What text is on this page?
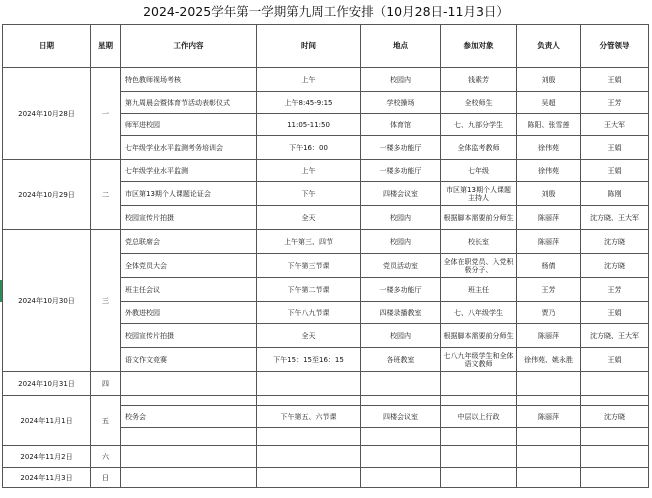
2024-2025学年第一学期第九周工作安排（10月28日-11月3日）
日期	星期	工作内容	时间	地点	参加对象	负责人	分管领导
2024年10月28日	一	特色教师视场考核	上午	校园内	钱素芳	刘殷	王娟
		第九周晨会暨体育节活动表彰仪式	上午8:45-9:15	学校操场	全校师生	吴超	王芳
		师军进校园	11:05-11:50	体育馆	七、九部分学生	陈阳、张雪莲	王大军
		七年级学业水平监测考务培训会	下午16：00	一楼多功能厅	全体监考教师	徐伟苑	王娟
2024年10月29日	二	七年级学业水平监测	上午	一楼多功能厅	七年级	徐伟苑	王娟
		市区第13期个人课题论证会	下午	四楼会议室	市区第13期个人课题主持人	刘殷	陈刚
		校园宣传片拍摄	全天	校园内	根据脚本需要前分师生	陈丽萍	沈方晓、王大军
2024年10月30日	三	党总联席会	上午第三、四节	校园内	校长室	陈丽萍	沈方晓
		全体党员大会	下午第三节课	党员活动室	全体在职党员、入党积极分子、	杨倩	沈方晓
		班主任会议	下午第二节课	一楼多功能厅	班主任	王芳	王芳
		外教进校园	下午八九节课	四楼录播教室	七、八年级学生	贾乃	王娟
		校园宣传片拍摄	全天	校园内	根据脚本需要前分师生	陈丽萍	沈方晓、王大军
		语文作文竞赛	下午15：15至16：15	各班教室	七八九年级学生和全体语文教师	徐伟苑、姚永胜	王娟
2024年10月31日	四						
2024年11月1日	五						
		校务会	下午第五、六节课	四楼会议室	中层以上行政	陈丽萍	沈方晓

2024年11月2日	六						
2024年11月3日	日						
